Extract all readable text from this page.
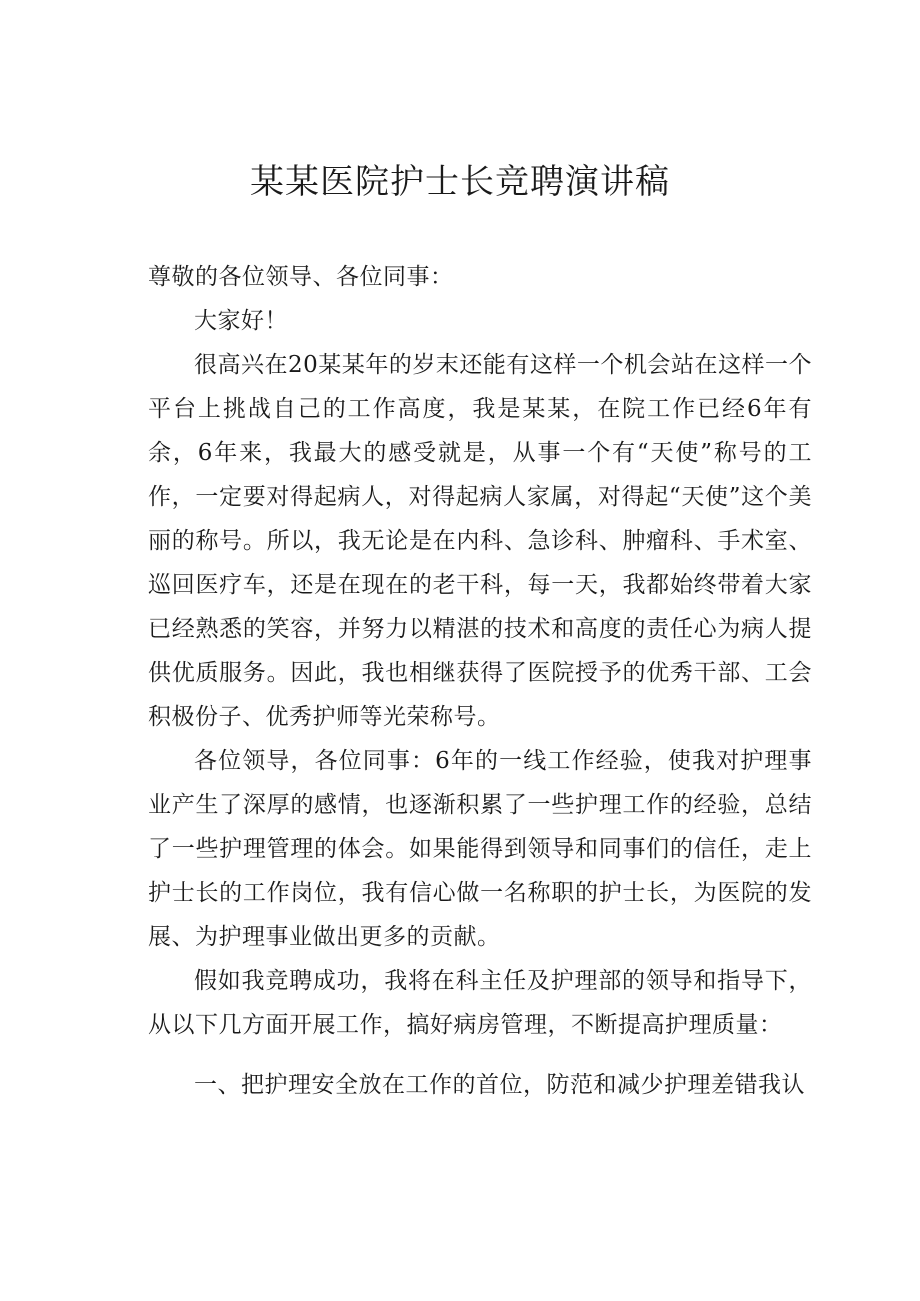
某某医院护士长竞聘演讲稿

尊敬的各位领导、各位同事：

大家好！

很高兴在20某某年的岁末还能有这样一个机会站在这样一个平台上挑战自己的工作高度，我是某某，在院工作已经6年有余，6年来，我最大的感受就是，从事一个有“天使”称号的工作，一定要对得起病人，对得起病人家属，对得起“天使”这个美丽的称号。所以，我无论是在内科、急诊科、肿瘤科、手术室、巡回医疗车，还是在现在的老干科，每一天，我都始终带着大家已经熟悉的笑容，并努力以精湛的技术和高度的责任心为病人提供优质服务。因此，我也相继获得了医院授予的优秀干部、工会积极份子、优秀护师等光荣称号。

各位领导，各位同事：6年的一线工作经验，使我对护理事业产生了深厚的感情，也逐渐积累了一些护理工作的经验，总结了一些护理管理的体会。如果能得到领导和同事们的信任，走上护士长的工作岗位，我有信心做一名称职的护士长，为医院的发展、为护理事业做出更多的贡献。

假如我竞聘成功，我将在科主任及护理部的领导和指导下，从以下几方面开展工作，搞好病房管理，不断提高护理质量：

一、把护理安全放在工作的首位，防范和减少护理差错我认
